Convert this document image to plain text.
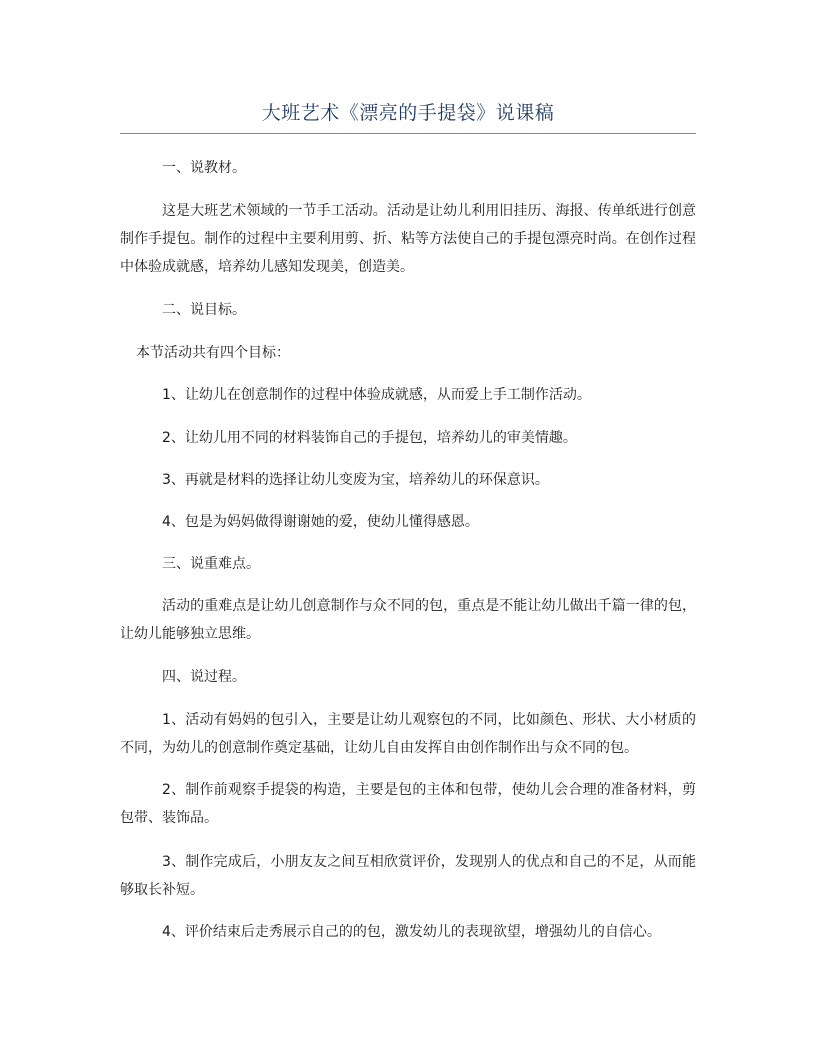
大班艺术《漂亮的手提袋》说课稿

一、说教材。

这是大班艺术领域的一节手工活动。活动是让幼儿利用旧挂历、海报、传单纸进行创意制作手提包。制作的过程中主要利用剪、折、粘等方法使自己的手提包漂亮时尚。在创作过程中体验成就感，培养幼儿感知发现美，创造美。

二、说目标。

本节活动共有四个目标：

1、让幼儿在创意制作的过程中体验成就感，从而爱上手工制作活动。

2、让幼儿用不同的材料装饰自己的手提包，培养幼儿的审美情趣。

3、再就是材料的选择让幼儿变废为宝，培养幼儿的环保意识。

4、包是为妈妈做得谢谢她的爱，使幼儿懂得感恩。

三、说重难点。

活动的重难点是让幼儿创意制作与众不同的包，重点是不能让幼儿做出千篇一律的包，让幼儿能够独立思维。

四、说过程。

1、活动有妈妈的包引入，主要是让幼儿观察包的不同，比如颜色、形状、大小材质的不同，为幼儿的创意制作奠定基础，让幼儿自由发挥自由创作制作出与众不同的包。

2、制作前观察手提袋的构造，主要是包的主体和包带，使幼儿会合理的准备材料，剪包带、装饰品。

3、制作完成后，小朋友友之间互相欣赏评价，发现别人的优点和自己的不足，从而能够取长补短。

4、评价结束后走秀展示自己的的包，激发幼儿的表现欲望，增强幼儿的自信心。
